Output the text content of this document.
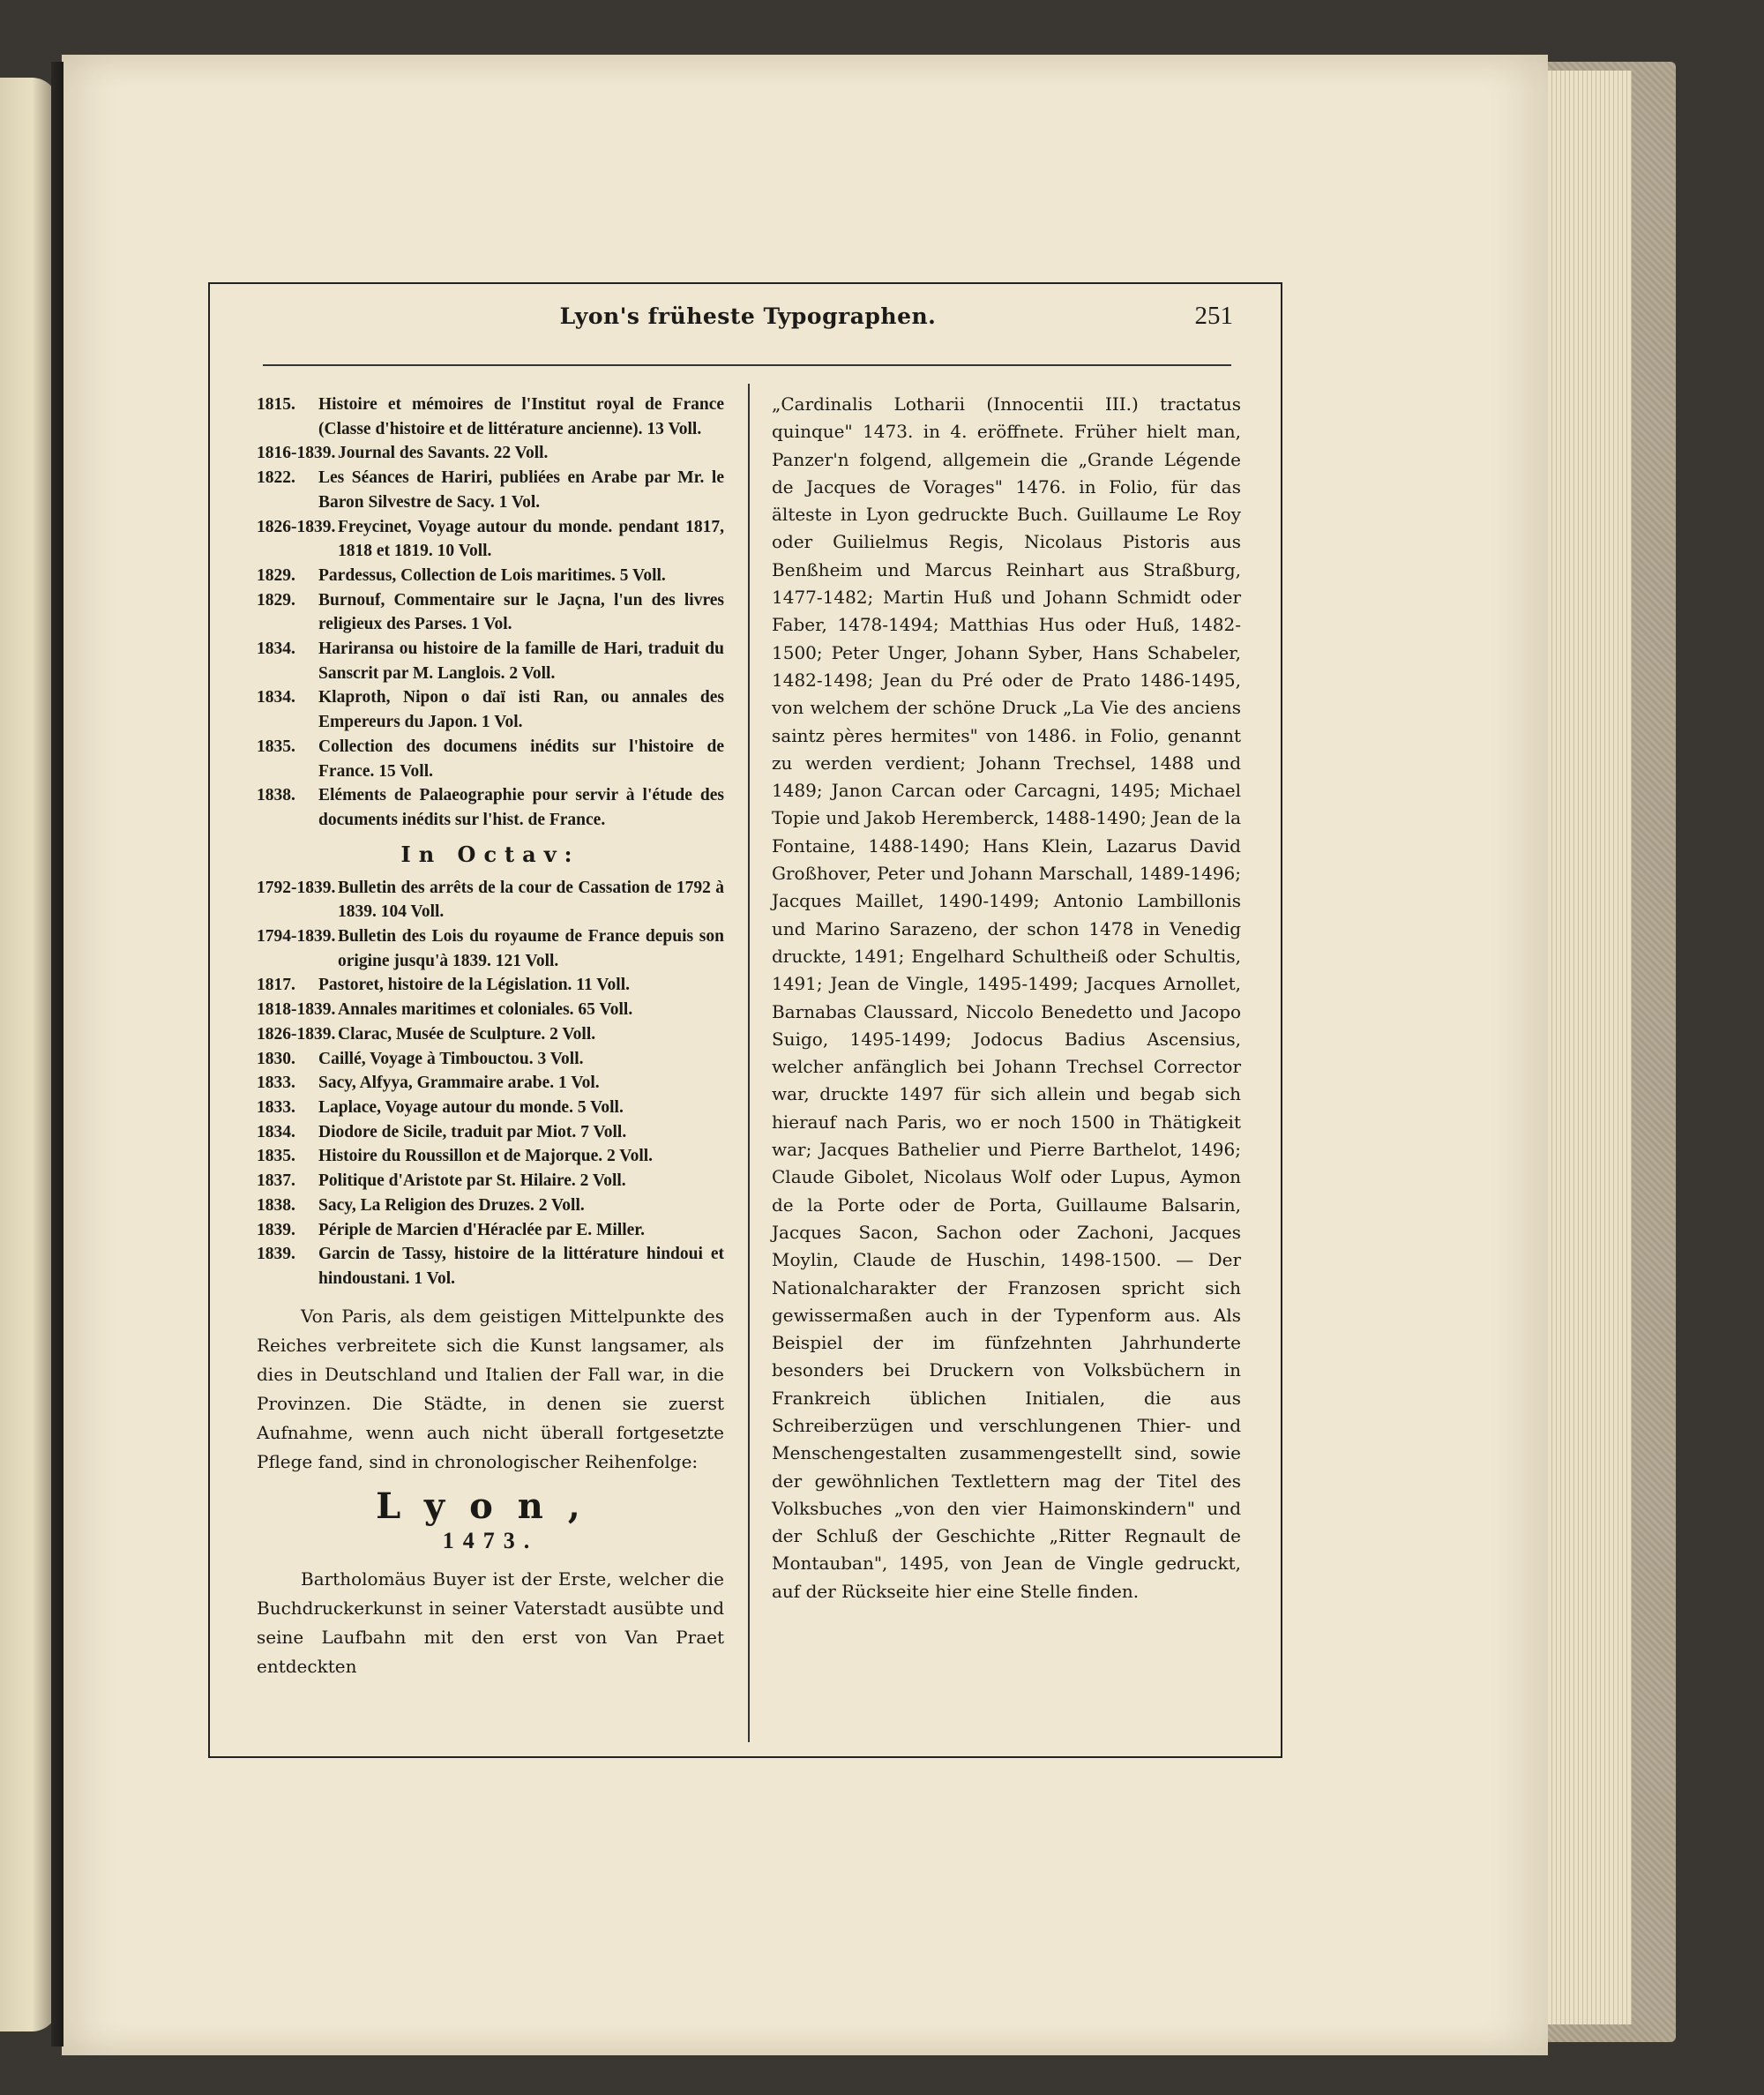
Lyon's früheste Typographen.	251
1815. Histoire et mémoires de l'Institut royal de France (Classe d'histoire et de littérature ancienne). 13 Voll.
1816-1839. Journal des Savants. 22 Voll.
1822. Les Séances de Hariri, publiées en Arabe par Mr. le Baron Silvestre de Sacy. 1 Vol.
1826-1839. Freycinet, Voyage autour du monde. pendant 1817, 1818 et 1819. 10 Voll.
1829. Pardessus, Collection de Lois maritimes. 5 Voll.
1829. Burnouf, Commentaire sur le Jaçna, l'un des livres religieux des Parses. 1 Vol.
1834. Hariransa ou histoire de la famille de Hari, traduit du Sanscrit par M. Langlois. 2 Voll.
1834. Klaproth, Nipon o daï isti Ran, ou annales des Empereurs du Japon. 1 Vol.
1835. Collection des documens inédits sur l'histoire de France. 15 Voll.
1838. Eléments de Palaeographie pour servir à l'étude des documents inédits sur l'hist. de France.
In Octav:
1792-1839. Bulletin des arrêts de la cour de Cassation de 1792 à 1839. 104 Voll.
1794-1839. Bulletin des Lois du royaume de France depuis son origine jusqu'à 1839. 121 Voll.
1817. Pastoret, histoire de la Législation. 11 Voll.
1818-1839. Annales maritimes et coloniales. 65 Voll.
1826-1839. Clarac, Musée de Sculpture. 2 Voll.
1830. Caillé, Voyage à Timbouctou. 3 Voll.
1833. Sacy, Alfyya, Grammaire arabe. 1 Vol.
1833. Laplace, Voyage autour du monde. 5 Voll.
1834. Diodore de Sicile, traduit par Miot. 7 Voll.
1835. Histoire du Roussillon et de Majorque. 2 Voll.
1837. Politique d'Aristote par St. Hilaire. 2 Voll.
1838. Sacy, La Religion des Druzes. 2 Voll.
1839. Périple de Marcien d'Héraclée par E. Miller.
1839. Garcin de Tassy, histoire de la littérature hindoui et hindoustani. 1 Vol.

Von Paris, als dem geistigen Mittelpunkte des Reiches verbreitete sich die Kunst langsamer, als dies in Deutschland und Italien der Fall war, in die Provinzen. Die Städte, in denen sie zuerst Aufnahme, wenn auch nicht überall fortgesetzte Pflege fand, sind in chronologischer Reihenfolge:

Lyon,
1473.

Bartholomäus Buyer ist der Erste, welcher die Buchdruckerkunst in seiner Vaterstadt ausübte und seine Laufbahn mit den erst von Van Praet entdeckten

„Cardinalis Lotharii (Innocentii III.) tractatus quinque" 1473. in 4. eröffnete. Früher hielt man, Panzer'n folgend, allgemein die „Grande Légende de Jacques de Vorages" 1476. in Folio, für das älteste in Lyon gedruckte Buch. Guillaume Le Roy oder Guilielmus Regis, Nicolaus Pistoris aus Benßheim und Marcus Reinhart aus Straßburg, 1477-1482; Martin Huß und Johann Schmidt oder Faber, 1478-1494; Matthias Hus oder Huß, 1482-1500; Peter Unger, Johann Syber, Hans Schabeler, 1482-1498; Jean du Pré oder de Prato 1486-1495, von welchem der schöne Druck „La Vie des anciens saintz pères hermites" von 1486. in Folio, genannt zu werden verdient; Johann Trechsel, 1488 und 1489; Janon Carcan oder Carcagni, 1495; Michael Topie und Jakob Heremberck, 1488-1490; Jean de la Fontaine, 1488-1490; Hans Klein, Lazarus David Großhover, Peter und Johann Marschall, 1489-1496; Jacques Maillet, 1490-1499; Antonio Lambillonis und Marino Sarazeno, der schon 1478 in Venedig druckte, 1491; Engelhard Schultheiß oder Schultis, 1491; Jean de Vingle, 1495-1499; Jacques Arnollet, Barnabas Claussard, Niccolo Benedetto und Jacopo Suigo, 1495-1499; Jodocus Badius Ascensius, welcher anfänglich bei Johann Trechsel Corrector war, druckte 1497 für sich allein und begab sich hierauf nach Paris, wo er noch 1500 in Thätigkeit war; Jacques Bathelier und Pierre Barthelot, 1496; Claude Gibolet, Nicolaus Wolf oder Lupus, Aymon de la Porte oder de Porta, Guillaume Balsarin, Jacques Sacon, Sachon oder Zachoni, Jacques Moylin, Claude de Huschin, 1498-1500. — Der Nationalcharakter der Franzosen spricht sich gewissermaßen auch in der Typenform aus. Als Beispiel der im fünfzehnten Jahrhunderte besonders bei Druckern von Volksbüchern in Frankreich üblichen Initialen, die aus Schreiberzügen und verschlungenen Thier- und Menschengestalten zusammengestellt sind, sowie der gewöhnlichen Textlettern mag der Titel des Volksbuches „von den vier Haimonskindern" und der Schluß der Geschichte „Ritter Regnault de Montauban", 1495, von Jean de Vingle gedruckt, auf der Rückseite hier eine Stelle finden.
